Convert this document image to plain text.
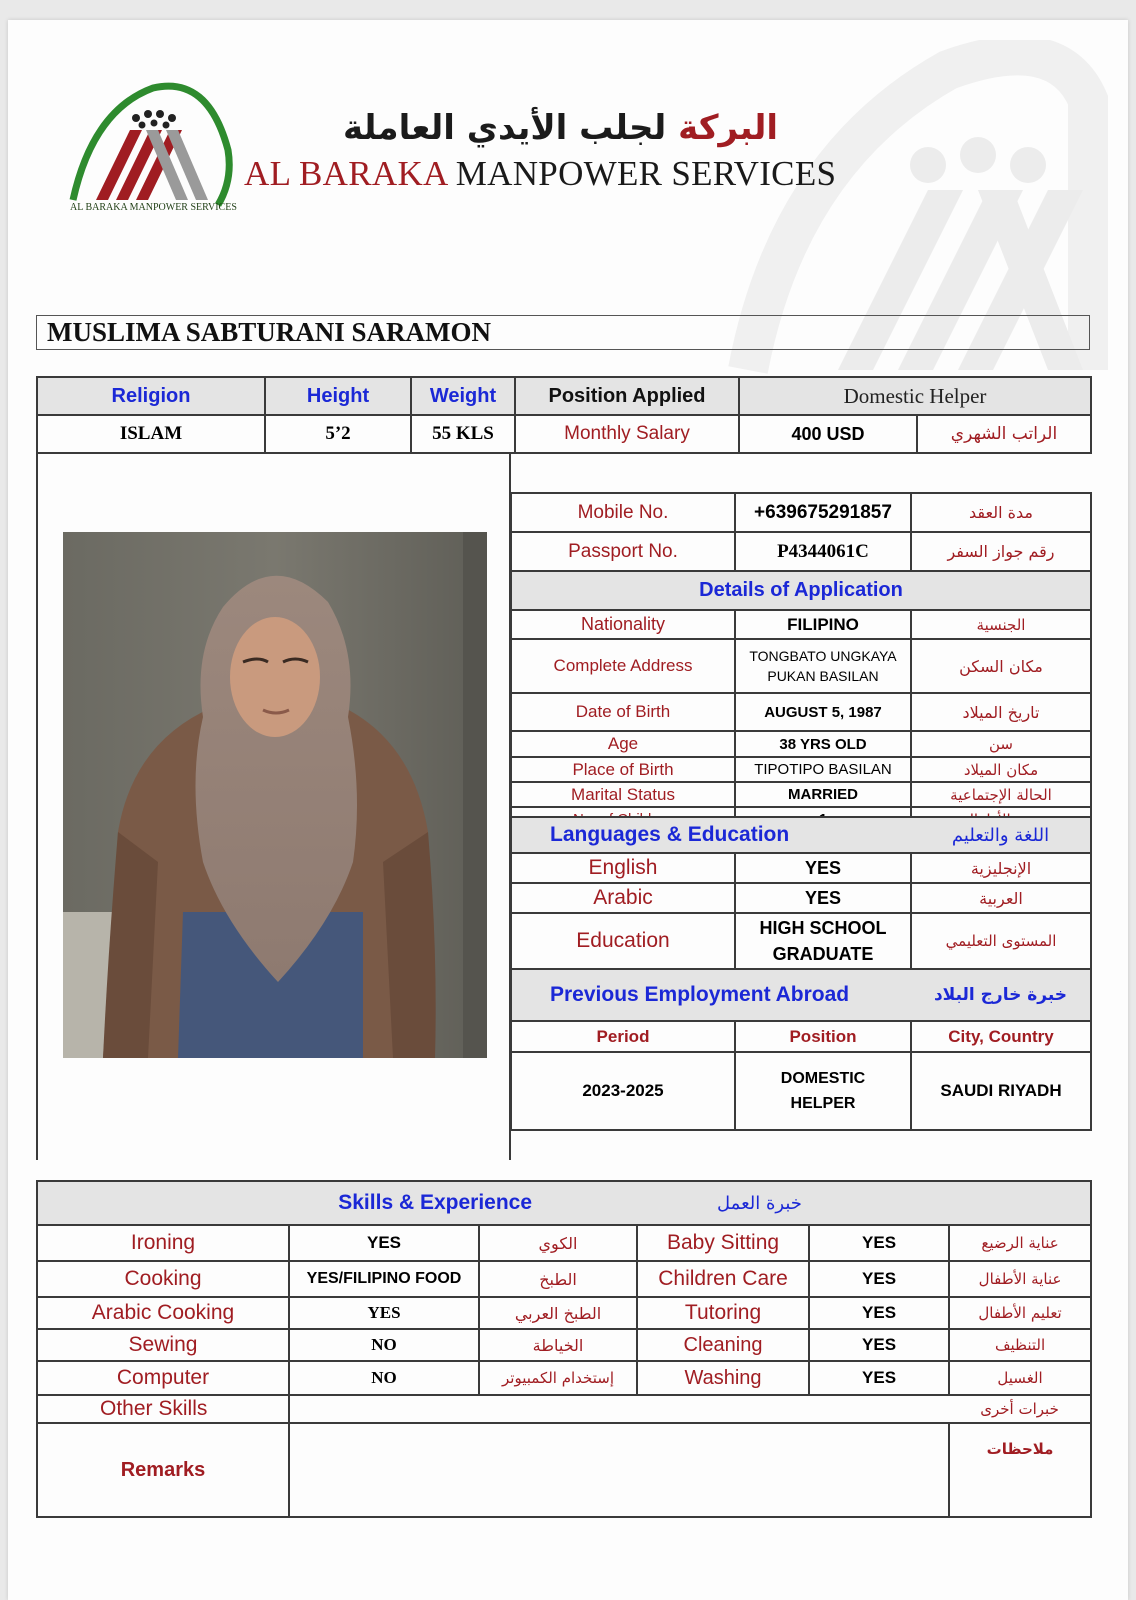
AL BARAKA MANPOWER SERVICES
البركة لجلب الأيدي العاملة
AL BARAKA MANPOWER SERVICES
MUSLIMA SABTURANI SARAMON
Religion	Height	Weight	Position Applied	Domestic Helper	
ISLAM	5’2	55 KLS	Monthly Salary	400 USD	الراتب الشهري
Mobile No.	+639675291857	مدة العقد
Passport No.	P4344061C	رقم جواز السفر
Details of Application		
Nationality	FILIPINO	الجنسية
Complete Address	TONGBATO UNGKAYA
PUKAN BASILAN	مكان السكن
Date of Birth	AUGUST 5, 1987	تاريخ الميلاد
Age	38 YRS OLD	سن
Place of Birth	TIPOTIPO BASILAN	مكان الميلاد
Marital Status	MARRIED	الحالة الإجتماعية

Languages & Education		اللغة والتعليم
English	YES	الإنجليزية
Arabic	YES	العربية
Education	HIGH SCHOOL
GRADUATE	المستوى التعليمي
Previous Employment Abroad		خبرة خارج البلاد
Period	Position	City, Country
2023-2025	DOMESTIC
HELPER	SAUDI RIYADH
Skills & Experience			خبرة العمل		
Ironing	YES	الكوي	Baby Sitting	YES	عناية الرضيع
Cooking	YES/FILIPINO FOOD	الطبخ	Children Care	YES	عناية الأطفال
Arabic Cooking	YES	الطبخ العربي	Tutoring	YES	تعليم الأطفال
Sewing	NO	الخياطة	Cleaning	YES	التنظيف
Computer	NO	إستخدام الكمبيوتر	Washing	YES	الغسيل
Other Skills					خبرات أخرى
Remarks					ملاحظات
